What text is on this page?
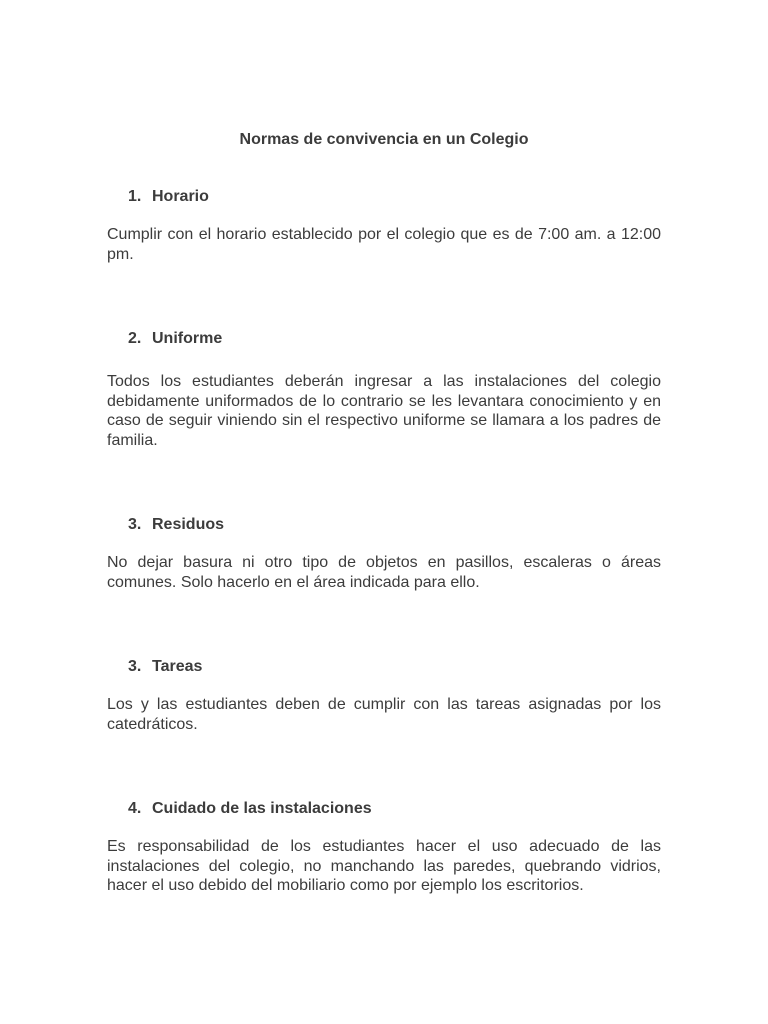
Normas de convivencia en un Colegio
1. Horario

Cumplir con el horario establecido por el colegio que es de 7:00 am. a 12:00 pm.

2. Uniforme

Todos los estudiantes deberán ingresar a las instalaciones del colegio debidamente uniformados de lo contrario se les levantara conocimiento y en caso de seguir viniendo sin el respectivo uniforme se llamara a los padres de familia.

3. Residuos

No dejar basura ni otro tipo de objetos en pasillos, escaleras o áreas comunes. Solo hacerlo en el área indicada para ello.

3. Tareas

Los y las estudiantes deben de cumplir con las tareas asignadas por los catedráticos.

4. Cuidado de las instalaciones

Es responsabilidad de los estudiantes hacer el uso adecuado de las instalaciones del colegio, no manchando las paredes, quebrando vidrios, hacer el uso debido del mobiliario como por ejemplo los escritorios.
